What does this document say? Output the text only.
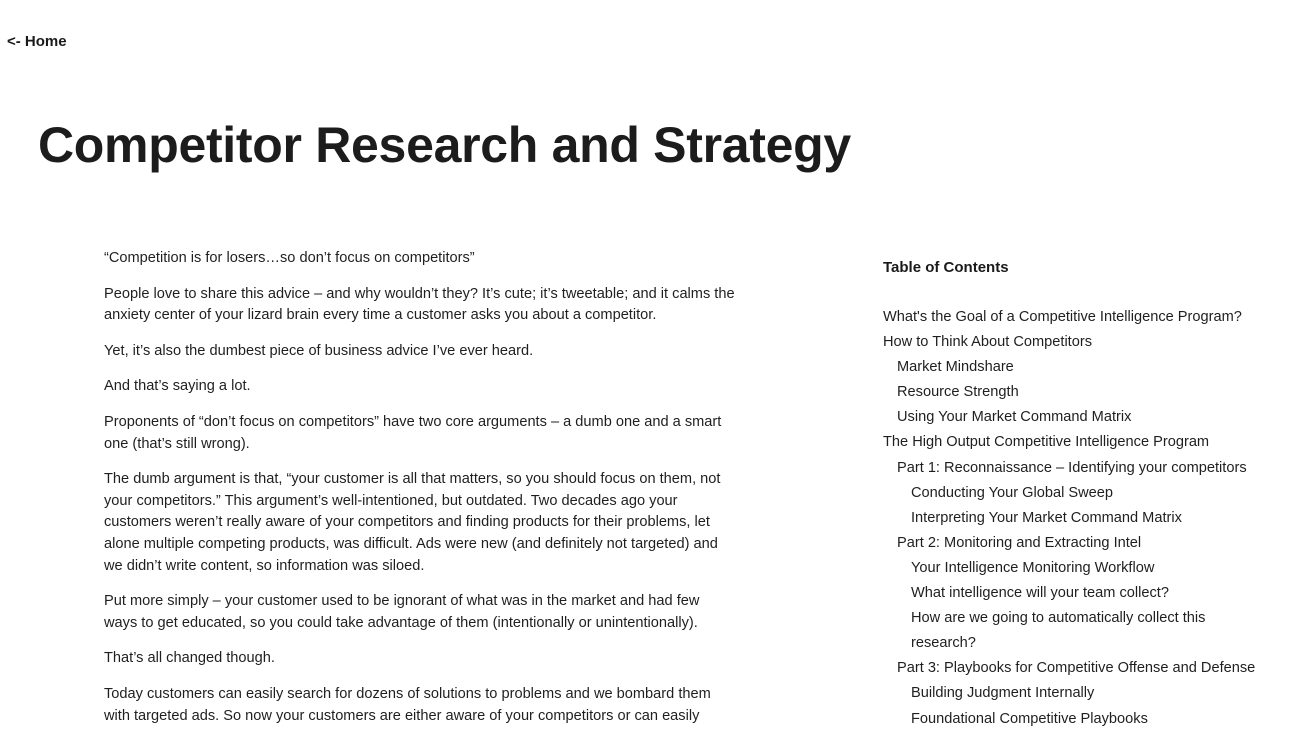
<- Home
Competitor Research and Strategy

“Competition is for losers…so don’t focus on competitors”

People love to share this advice – and why wouldn’t they? It’s cute; it’s tweetable; and it calms the anxiety center of your lizard brain every time a customer asks you about a competitor.

Yet, it’s also the dumbest piece of business advice I’ve ever heard.

And that’s saying a lot.

Proponents of “don’t focus on competitors” have two core arguments – a dumb one and a smart one (that’s still wrong).

The dumb argument is that, “your customer is all that matters, so you should focus on them, not your competitors.” This argument’s well-intentioned, but outdated. Two decades ago your customers weren’t really aware of your competitors and finding products for their problems, let alone multiple competing products, was difficult. Ads were new (and definitely not targeted) and we didn’t write content, so information was siloed.

Put more simply – your customer used to be ignorant of what was in the market and had few ways to get educated, so you could take advantage of them (intentionally or unintentionally).

That’s all changed though.

Today customers can easily search for dozens of solutions to problems and we bombard them with targeted ads. So now your customers are either aware of your competitors or can easily

Table of Contents
What's the Goal of a Competitive Intelligence Program?
How to Think About Competitors
Market Mindshare
Resource Strength
Using Your Market Command Matrix
The High Output Competitive Intelligence Program
Part 1: Reconnaissance – Identifying your competitors
Conducting Your Global Sweep
Interpreting Your Market Command Matrix
Part 2: Monitoring and Extracting Intel
Your Intelligence Monitoring Workflow
What intelligence will your team collect?
How are we going to automatically collect this research?
Part 3: Playbooks for Competitive Offense and Defense
Building Judgment Internally
Foundational Competitive Playbooks
